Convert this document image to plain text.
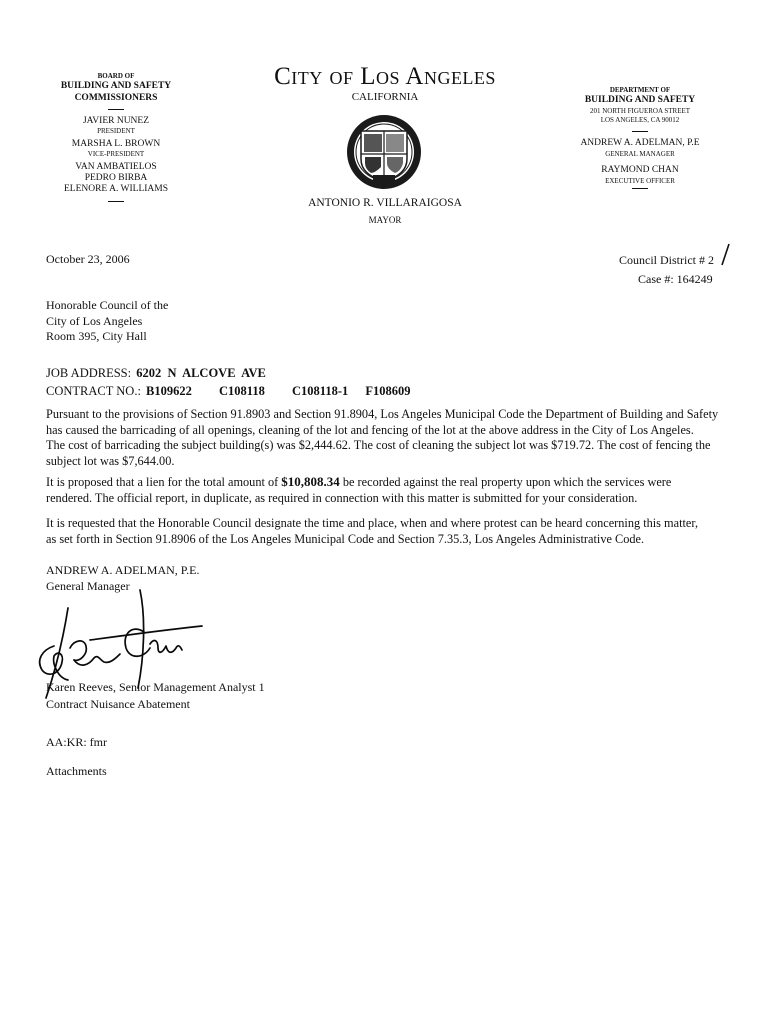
BOARD OF
BUILDING AND SAFETY
COMMISSIONERS
JAVIER NUNEZ
PRESIDENT
MARSHA L. BROWN
VICE-PRESIDENT
VAN AMBATIELOS
PEDRO BIRBA
ELENORE A. WILLIAMS
City of Los Angeles
CALIFORNIA
ANTONIO R. VILLARAIGOSA
MAYOR
DEPARTMENT OF
BUILDING AND SAFETY
201 NORTH FIGUEROA STREET
LOS ANGELES, CA 90012
ANDREW A. ADELMAN, P.E
GENERAL MANAGER
RAYMOND CHAN
EXECUTIVE OFFICER
October 23, 2006	Council District # 2
Case #: 164249
Honorable Council of the
City of Los Angeles
Room 395, City Hall
JOB ADDRESS: 6202  N  ALCOVE  AVE
CONTRACT NO.: B109622 C108118 C108118-1 F108609
Pursuant to the provisions of Section 91.8903 and Section 91.8904, Los Angeles Municipal Code the Department of Building and Safety
has caused the barricading of all openings, cleaning of the lot and fencing of the lot at the above address in the City of Los Angeles.
The cost of barricading the subject building(s) was $2,444.62. The cost of cleaning the subject lot was $719.72. The cost of fencing the
subject lot was $7,644.00.
It is proposed that a lien for the total amount of $10,808.34 be recorded against the real property upon which the services were
rendered. The official report, in duplicate, as required in connection with this matter is submitted for your consideration.
It is requested that the Honorable Council designate the time and place, when and where protest can be heard concerning this matter,
as set forth in Section 91.8906 of the Los Angeles Municipal Code and Section 7.35.3, Los Angeles Administrative Code.
ANDREW A. ADELMAN, P.E.
General Manager
Karen Reeves, Senior Management Analyst 1
Contract Nuisance Abatement
AA:KR: fmr
Attachments
